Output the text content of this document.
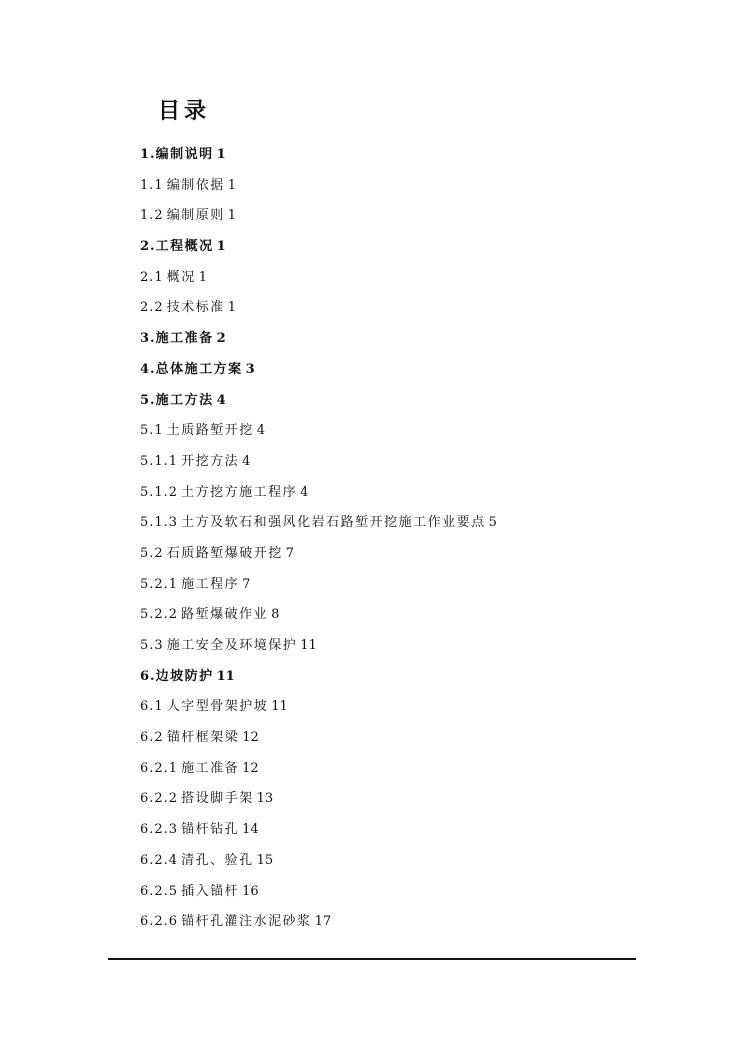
目录
1.编制说明 1
1.1 编制依据 1
1.2 编制原则 1
2.工程概况 1
2.1 概况 1
2.2 技术标准 1
3.施工准备 2
4.总体施工方案 3
5.施工方法 4
5.1 土质路堑开挖 4
5.1.1 开挖方法 4
5.1.2 土方挖方施工程序 4
5.1.3 土方及软石和强风化岩石路堑开挖施工作业要点 5
5.2 石质路堑爆破开挖 7
5.2.1 施工程序 7
5.2.2 路堑爆破作业 8
5.3 施工安全及环境保护 11
6.边坡防护 11
6.1 人字型骨架护坡 11
6.2 锚杆框架梁 12
6.2.1 施工准备 12
6.2.2 搭设脚手架 13
6.2.3 锚杆钻孔 14
6.2.4 清孔、验孔 15
6.2.5 插入锚杆 16
6.2.6 锚杆孔灌注水泥砂浆 17
